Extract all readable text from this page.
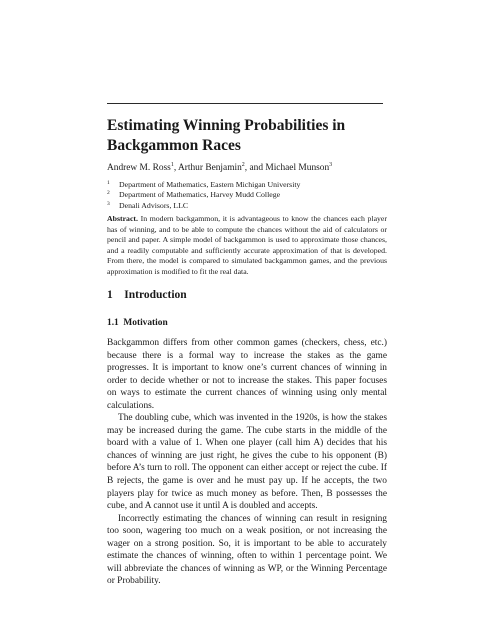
Estimating Winning Probabilities in Backgammon Races
Andrew M. Ross$^1$, Arthur Benjamin$^2$, and Michael Munson$^3$
1 Department of Mathematics, Eastern Michigan University
2 Department of Mathematics, Harvey Mudd College
3 Denali Advisors, LLC
Abstract. In modern backgammon, it is advantageous to know the chances each player has of winning, and to be able to compute the chances without the aid of calculators or pencil and paper. A simple model of backgammon is used to approximate those chances, and a readily computable and sufficiently accurate approximation of that is developed. From there, the model is compared to simulated backgammon games, and the previous approximation is modified to fit the real data.
1  Introduction
1.1  Motivation

Backgammon differs from other common games (checkers, chess, etc.) because there is a formal way to increase the stakes as the game progresses. It is important to know one’s current chances of winning in order to decide whether or not to increase the stakes. This paper focuses on ways to estimate the current chances of winning using only mental calculations.

The doubling cube, which was invented in the 1920s, is how the stakes may be increased during the game. The cube starts in the middle of the board with a value of 1. When one player (call him A) decides that his chances of winning are just right, he gives the cube to his opponent (B) before A’s turn to roll. The opponent can either accept or reject the cube. If B rejects, the game is over and he must pay up. If he accepts, the two players play for twice as much money as before. Then, B possesses the cube, and A cannot use it until A is doubled and accepts.

Incorrectly estimating the chances of winning can result in resigning too soon, wagering too much on a weak position, or not increasing the wager on a strong position. So, it is important to be able to accurately estimate the chances of winning, often to within 1 percentage point. We will abbreviate the chances of winning as WP, or the Winning Percentage or Probability.
